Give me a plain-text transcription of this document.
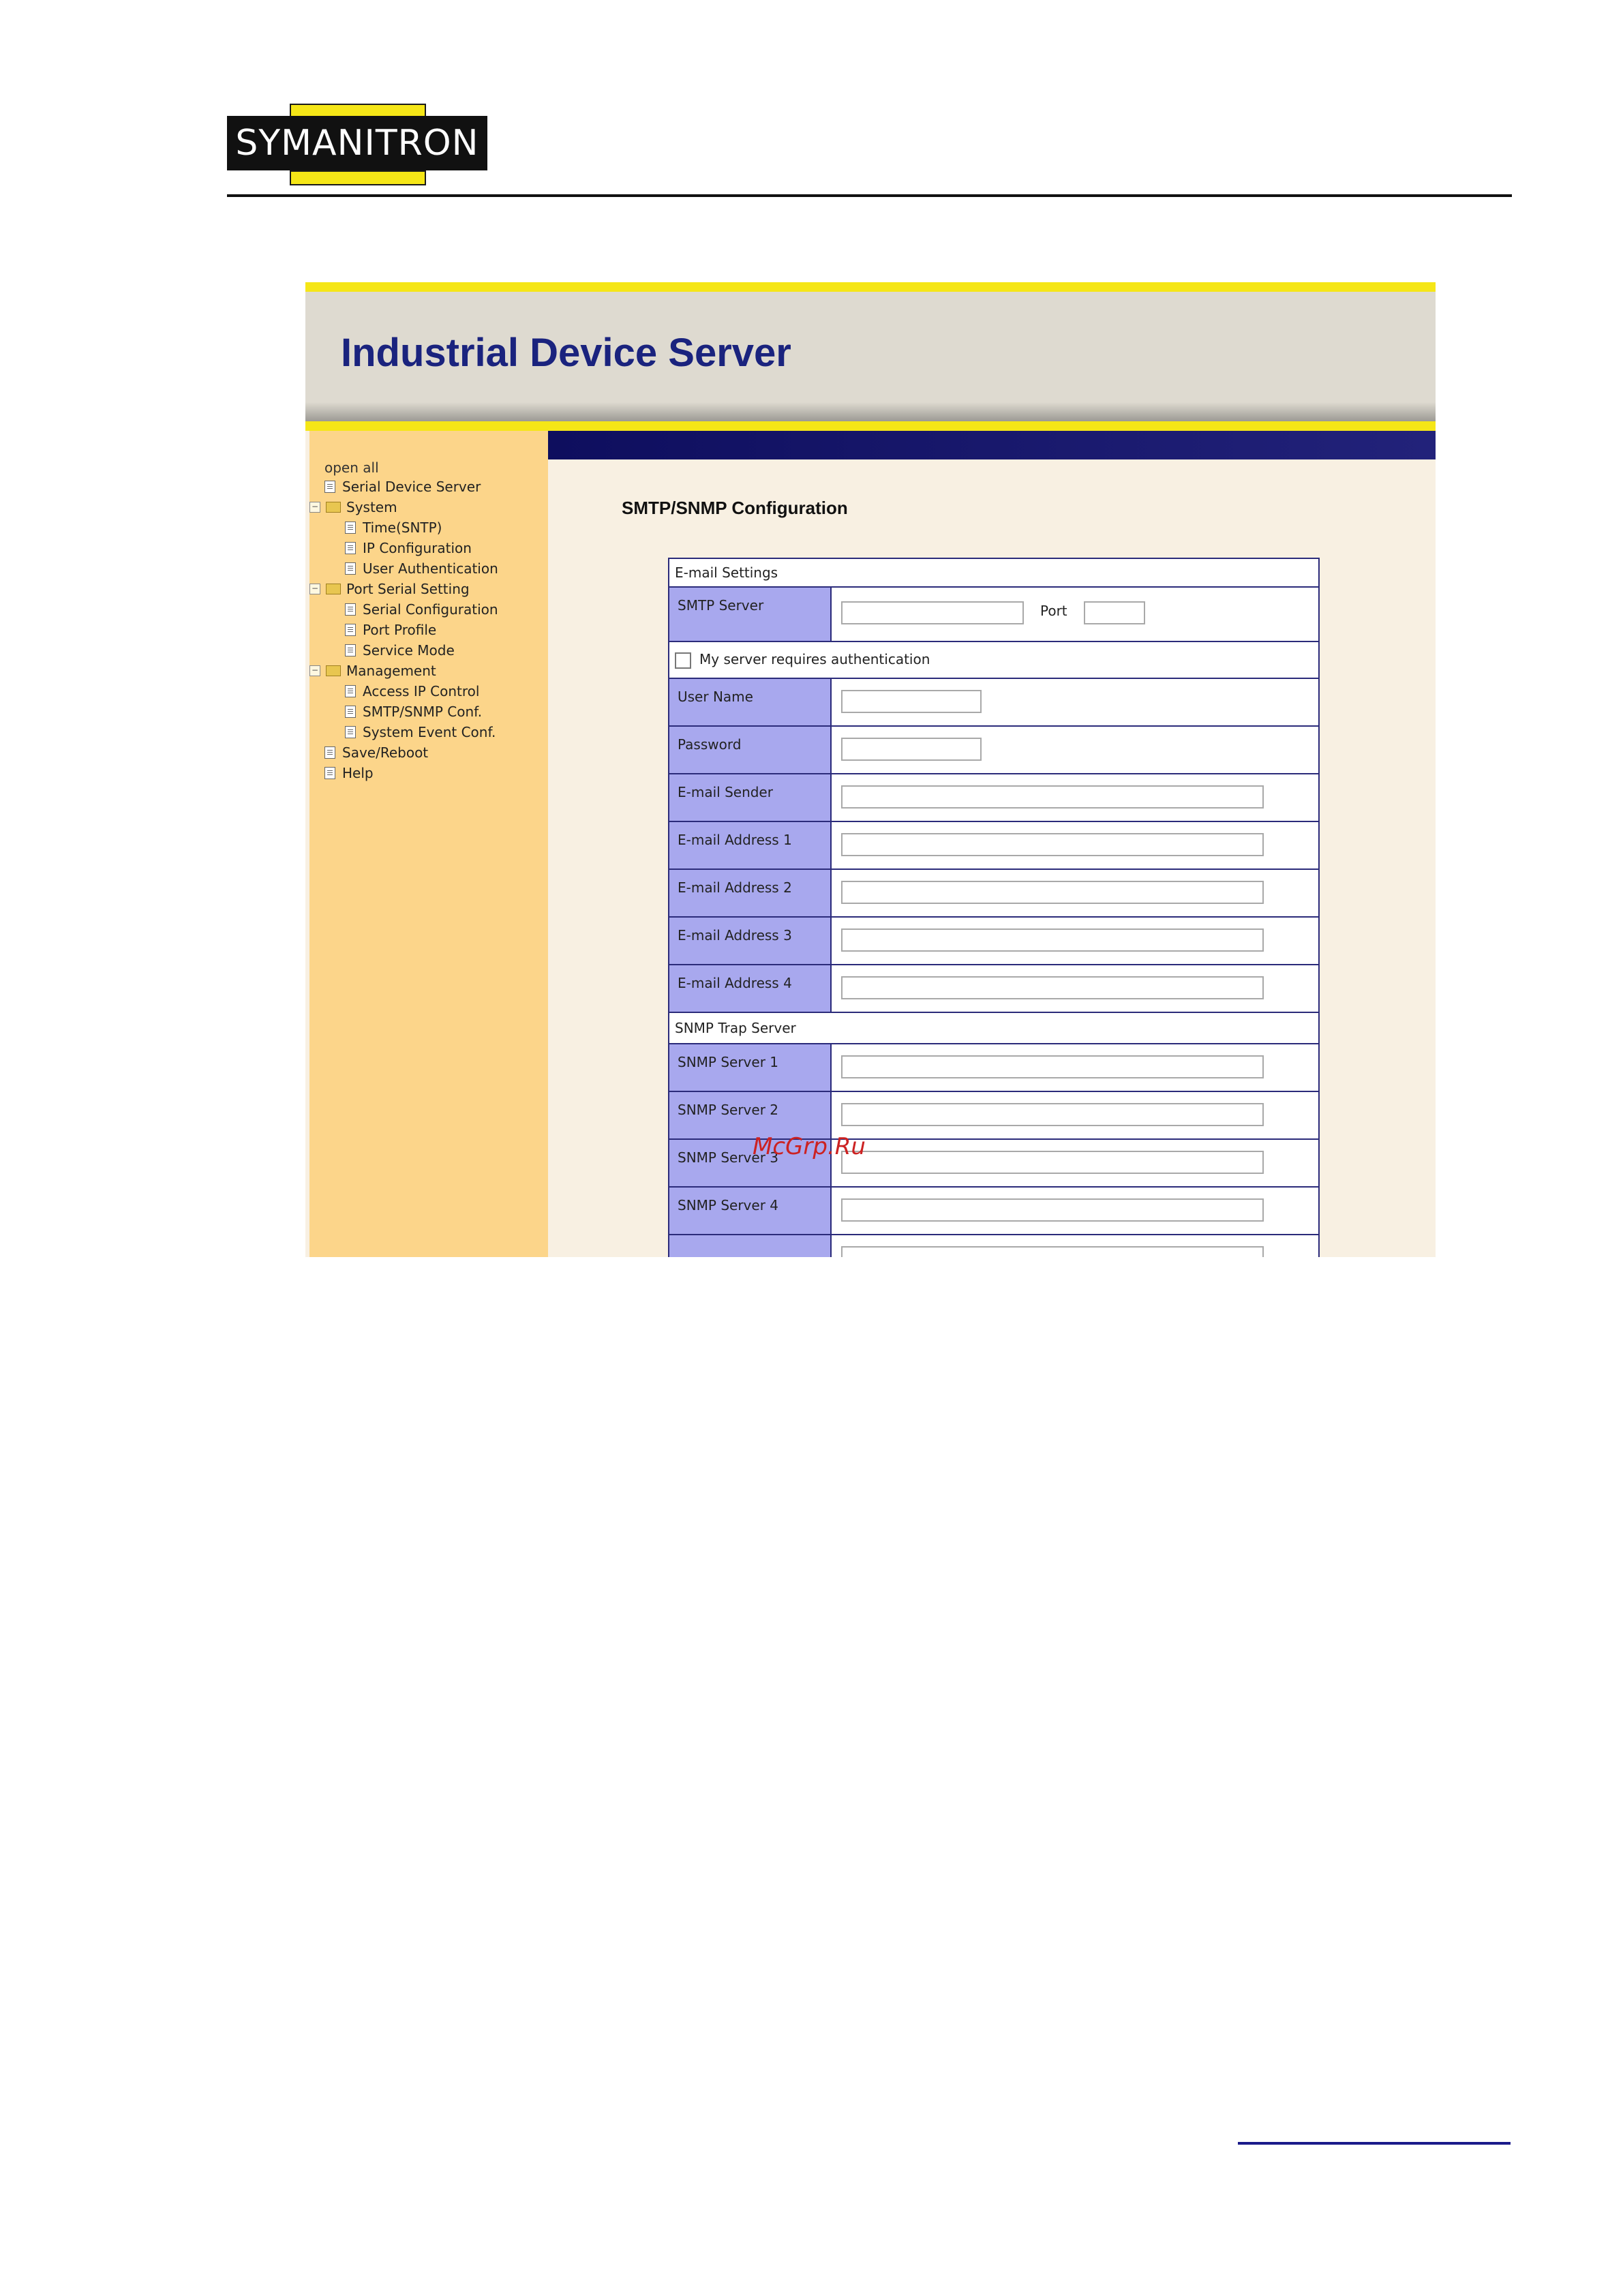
SYMANITRON
Industrial Device Server
open all
Serial Device Server
− System
Time(SNTP)
IP Configuration
User Authentication
− Port Serial Setting
Serial Configuration
Port Profile
Service Mode
− Management
Access IP Control
SMTP/SNMP Conf.
System Event Conf.
Save/Reboot
Help
SMTP/SNMP Configuration
E-mail Settings	
SMTP Server	Port

My server requires authentication	
User Name	

Password	

E-mail Sender	

E-mail Address 1	

E-mail Address 2	

E-mail Address 3	

E-mail Address 4	

SNMP Trap Server	
SNMP Server 1	

SNMP Server 2	

SNMP Server 3	

SNMP Server 4	

McGrp.Ru
